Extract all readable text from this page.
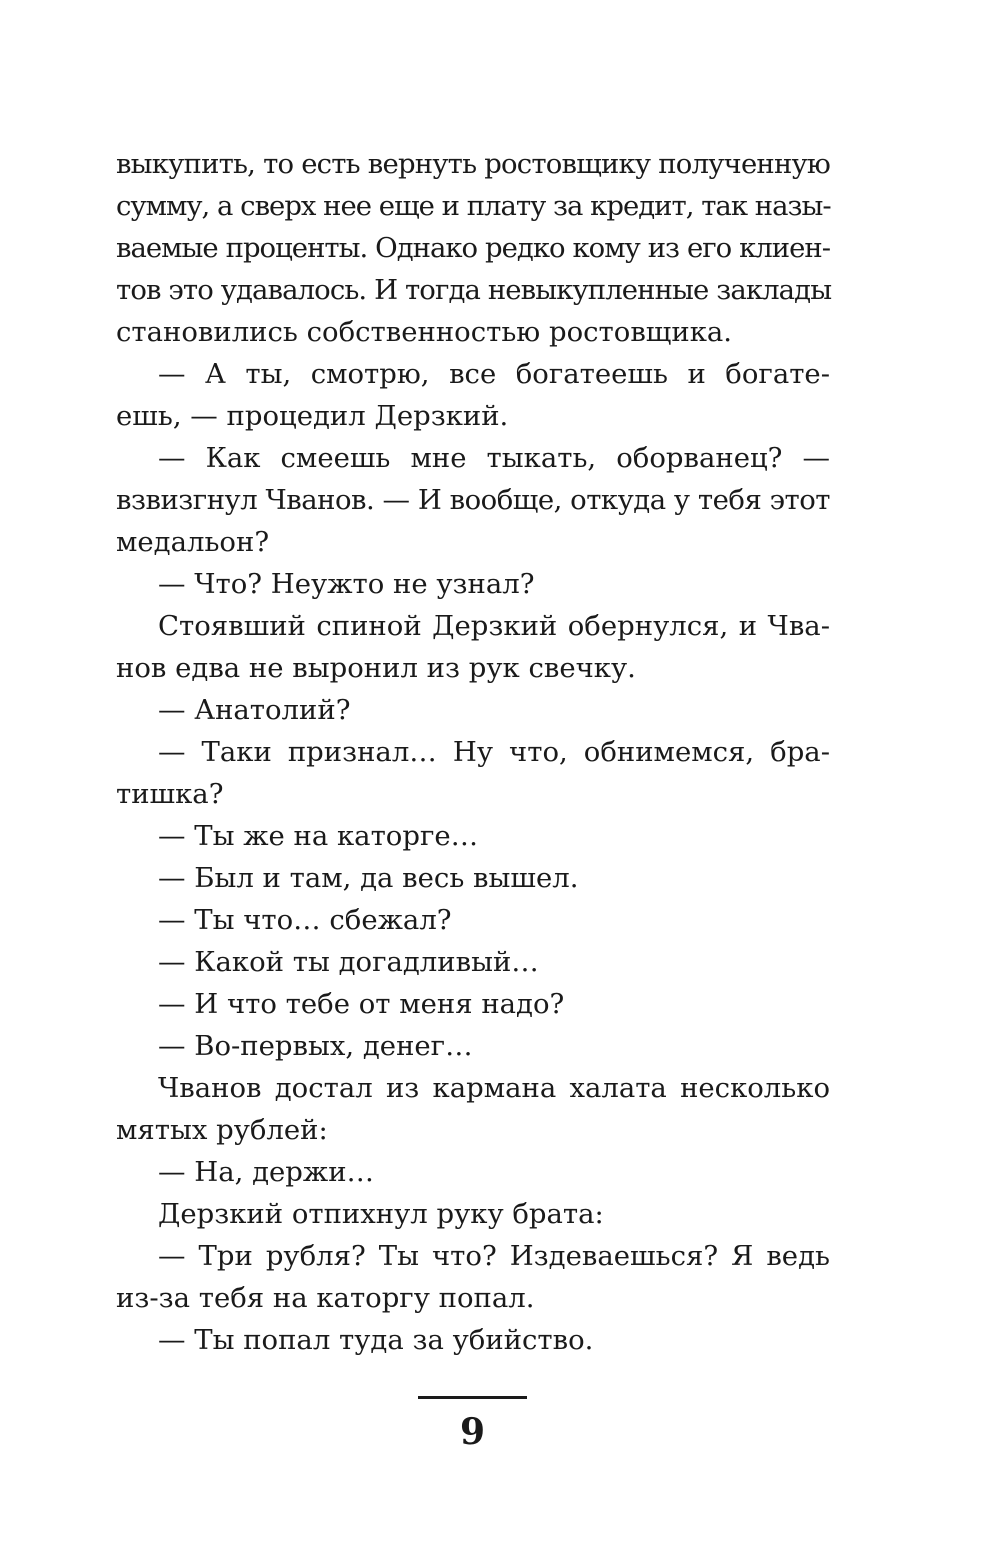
выкупить, то есть вернуть ростовщику полученную
сумму, а сверх нее еще и плату за кредит, так назы-
ваемые проценты. Однако редко кому из его клиен-
тов это удавалось. И тогда невыкупленные заклады
становились собственностью ростовщика.
— А ты, смотрю, все богатеешь и богате-
ешь, — процедил Дерзкий.
— Как смеешь мне тыкать, оборванец? —
взвизгнул Чванов. — И вообще, откуда у тебя этот
медальон?
— Что? Неужто не узнал?
Стоявший спиной Дерзкий обернулся, и Чва-
нов едва не выронил из рук свечку.
— Анатолий?
— Таки признал… Ну что, обнимемся, бра-
тишка?
— Ты же на каторге…
— Был и там, да весь вышел.
— Ты что… сбежал?
— Какой ты догадливый…
— И что тебе от меня надо?
— Во-первых, денег…
Чванов достал из кармана халата несколько
мятых рублей:
— На, держи…
Дерзкий отпихнул руку брата:
— Три рубля? Ты что? Издеваешься? Я ведь
из-за тебя на каторгу попал.
— Ты попал туда за убийство.
9
